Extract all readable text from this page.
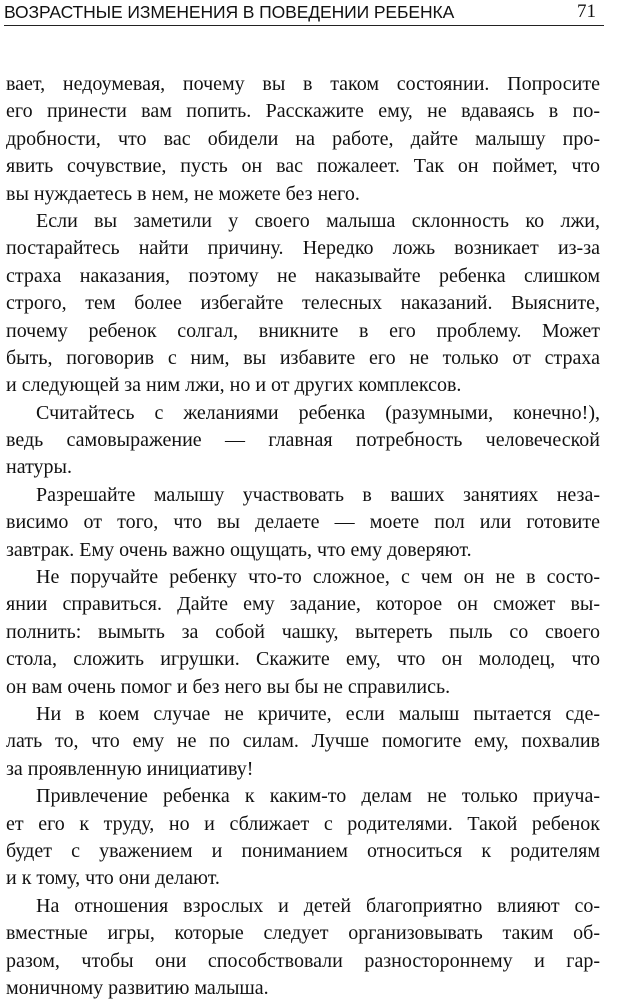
ВОЗРАСТНЫЕ ИЗМЕНЕНИЯ В ПОВЕДЕНИИ РЕБЕНКА	71
вает, недоумевая, почему вы в таком состоянии. Попросите
его принести вам попить. Расскажите ему, не вдаваясь в по-
дробности, что вас обидели на работе, дайте малышу про-
явить сочувствие, пусть он вас пожалеет. Так он поймет, что
вы нуждаетесь в нем, не можете без него.
Если вы заметили у своего малыша склонность ко лжи,
постарайтесь найти причину. Нередко ложь возникает из-за
страха наказания, поэтому не наказывайте ребенка слишком
строго, тем более избегайте телесных наказаний. Выясните,
почему ребенок солгал, вникните в его проблему. Может
быть, поговорив с ним, вы избавите его не только от страха
и следующей за ним лжи, но и от других комплексов.
Считайтесь с желаниями ребенка (разумными, конечно!),
ведь самовыражение — главная потребность человеческой
натуры.
Разрешайте малышу участвовать в ваших занятиях неза-
висимо от того, что вы делаете — моете пол или готовите
завтрак. Ему очень важно ощущать, что ему доверяют.
Не поручайте ребенку что-то сложное, с чем он не в состо-
янии справиться. Дайте ему задание, которое он сможет вы-
полнить: вымыть за собой чашку, вытереть пыль со своего
стола, сложить игрушки. Скажите ему, что он молодец, что
он вам очень помог и без него вы бы не справились.
Ни в коем случае не кричите, если малыш пытается сде-
лать то, что ему не по силам. Лучше помогите ему, похвалив
за проявленную инициативу!
Привлечение ребенка к каким-то делам не только приуча-
ет его к труду, но и сближает с родителями. Такой ребенок
будет с уважением и пониманием относиться к родителям
и к тому, что они делают.
На отношения взрослых и детей благоприятно влияют со-
вместные игры, которые следует организовывать таким об-
разом, чтобы они способствовали разностороннему и гар-
моничному развитию малыша.
